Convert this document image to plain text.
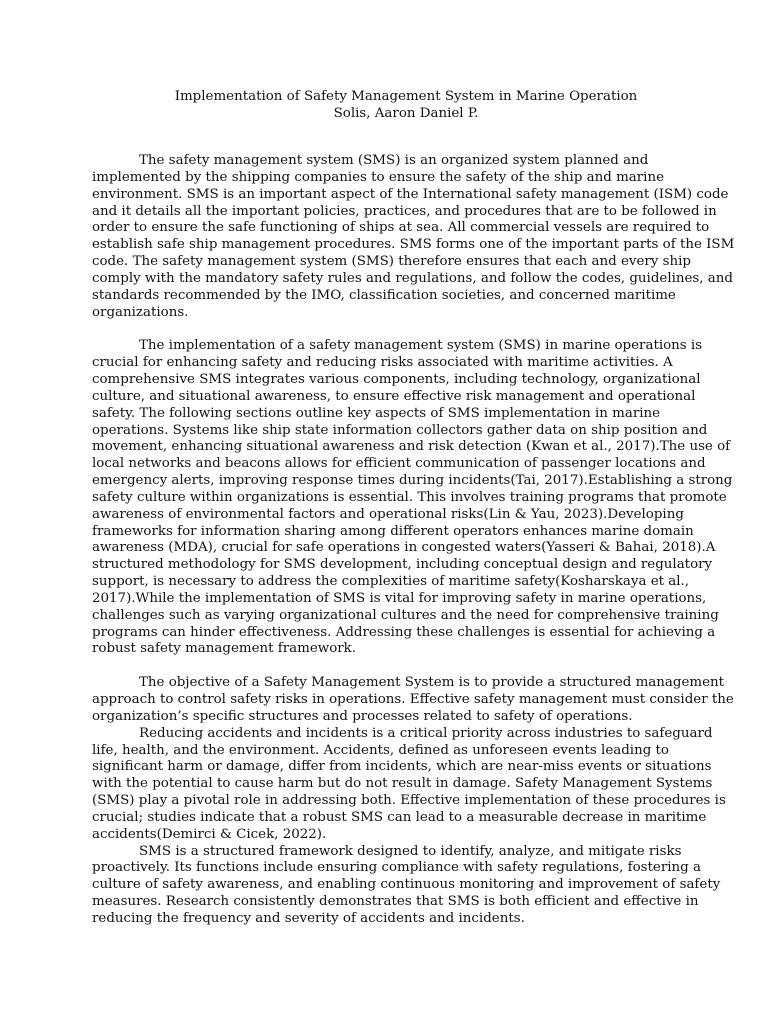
Implementation of Safety Management System in Marine Operation
Solis, Aaron Daniel P.
The safety management system (SMS) is an organized system planned and
implemented by the shipping companies to ensure the safety of the ship and marine
environment. SMS is an important aspect of the International safety management (ISM) code
and it details all the important policies, practices, and procedures that are to be followed in
order to ensure the safe functioning of ships at sea. All commercial vessels are required to
establish safe ship management procedures. SMS forms one of the important parts of the ISM
code. The safety management system (SMS) therefore ensures that each and every ship
comply with the mandatory safety rules and regulations, and follow the codes, guidelines, and
standards recommended by the IMO, classification societies, and concerned maritime
organizations.
The implementation of a safety management system (SMS) in marine operations is
crucial for enhancing safety and reducing risks associated with maritime activities. A
comprehensive SMS integrates various components, including technology, organizational
culture, and situational awareness, to ensure effective risk management and operational
safety. The following sections outline key aspects of SMS implementation in marine
operations. Systems like ship state information collectors gather data on ship position and
movement, enhancing situational awareness and risk detection (Kwan et al., 2017).The use of
local networks and beacons allows for efficient communication of passenger locations and
emergency alerts, improving response times during incidents(Tai, 2017).Establishing a strong
safety culture within organizations is essential. This involves training programs that promote
awareness of environmental factors and operational risks(Lin & Yau, 2023).Developing
frameworks for information sharing among different operators enhances marine domain
awareness (MDA), crucial for safe operations in congested waters(Yasseri & Bahai, 2018).A
structured methodology for SMS development, including conceptual design and regulatory
support, is necessary to address the complexities of maritime safety(Kosharskaya et al.,
2017).While the implementation of SMS is vital for improving safety in marine operations,
challenges such as varying organizational cultures and the need for comprehensive training
programs can hinder effectiveness. Addressing these challenges is essential for achieving a
robust safety management framework.
The objective of a Safety Management System is to provide a structured management
approach to control safety risks in operations. Effective safety management must consider the
organization’s specific structures and processes related to safety of operations.
Reducing accidents and incidents is a critical priority across industries to safeguard
life, health, and the environment. Accidents, defined as unforeseen events leading to
significant harm or damage, differ from incidents, which are near-miss events or situations
with the potential to cause harm but do not result in damage. Safety Management Systems
(SMS) play a pivotal role in addressing both. Effective implementation of these procedures is
crucial; studies indicate that a robust SMS can lead to a measurable decrease in maritime
accidents(Demirci & Cicek, 2022).
SMS is a structured framework designed to identify, analyze, and mitigate risks
proactively. Its functions include ensuring compliance with safety regulations, fostering a
culture of safety awareness, and enabling continuous monitoring and improvement of safety
measures. Research consistently demonstrates that SMS is both efficient and effective in
reducing the frequency and severity of accidents and incidents.
